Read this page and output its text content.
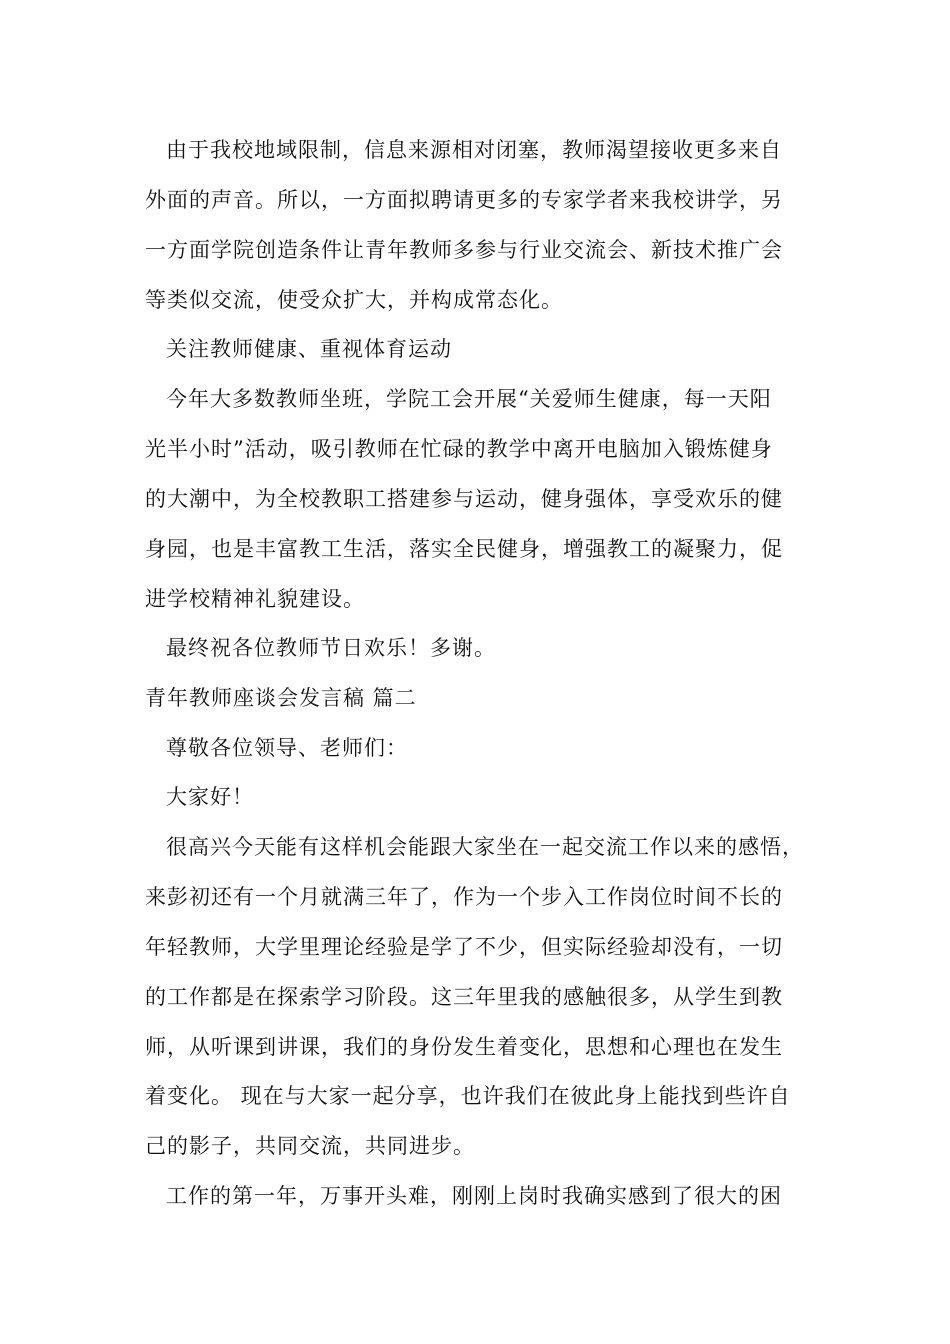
由于我校地域限制，信息来源相对闭塞，教师渴望接收更多来自
外面的声音。所以，一方面拟聘请更多的专家学者来我校讲学，另
一方面学院创造条件让青年教师多参与行业交流会、新技术推广会
等类似交流，使受众扩大，并构成常态化。
关注教师健康、重视体育运动
今年大多数教师坐班，学院工会开展“关爱师生健康，每一天阳
光半小时”活动，吸引教师在忙碌的教学中离开电脑加入锻炼健身
的大潮中，为全校教职工搭建参与运动，健身强体，享受欢乐的健
身园，也是丰富教工生活，落实全民健身，增强教工的凝聚力，促
进学校精神礼貌建设。
最终祝各位教师节日欢乐！多谢。
青年教师座谈会发言稿 篇二
尊敬各位领导、老师们：
大家好！
很高兴今天能有这样机会能跟大家坐在一起交流工作以来的感悟，
来彭初还有一个月就满三年了，作为一个步入工作岗位时间不长的
年轻教师，大学里理论经验是学了不少，但实际经验却没有，一切
的工作都是在探索学习阶段。这三年里我的感触很多，从学生到教
师，从听课到讲课，我们的身份发生着变化，思想和心理也在发生
着变化。 现在与大家一起分享，也许我们在彼此身上能找到些许自
己的影子，共同交流，共同进步。
工作的第一年，万事开头难，刚刚上岗时我确实感到了很大的困
